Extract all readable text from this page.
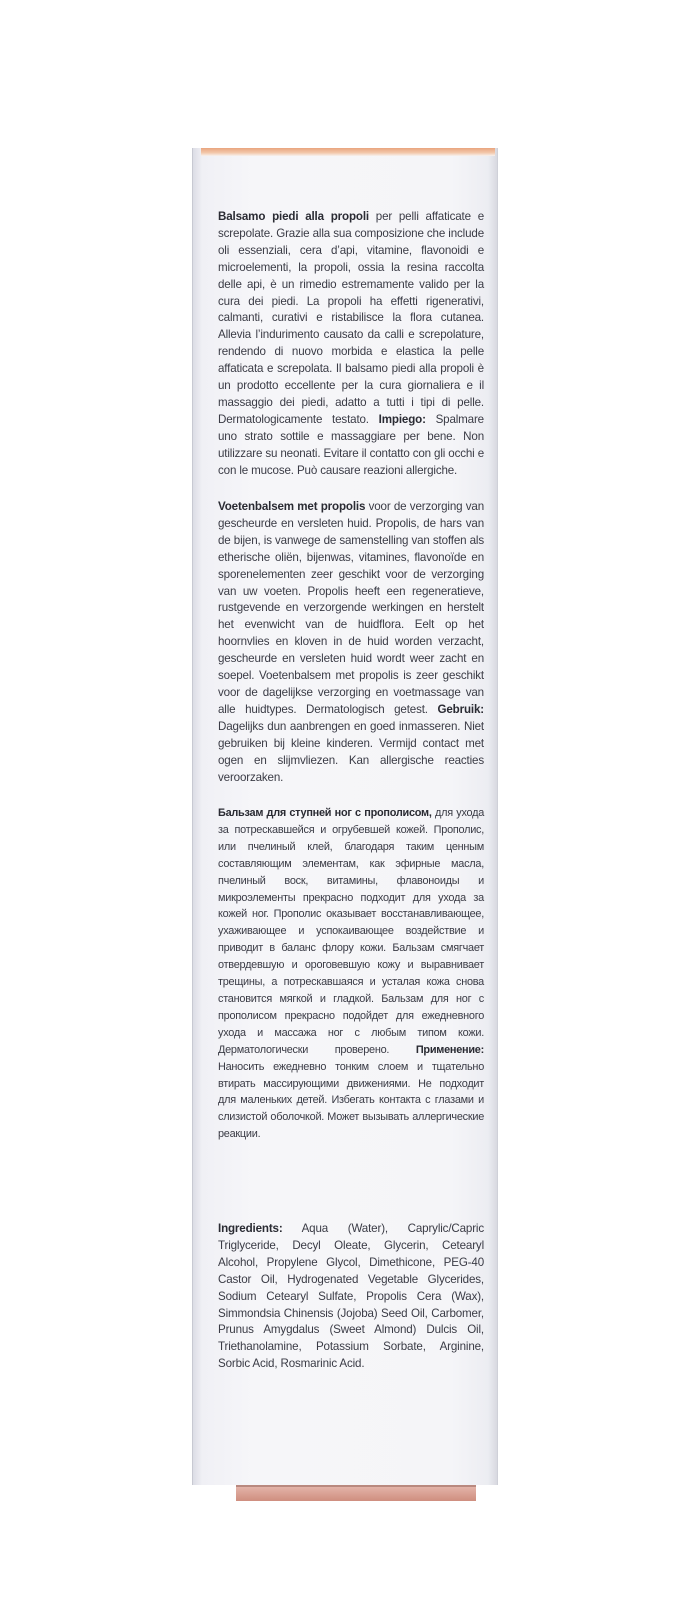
Balsamo piedi alla propoli per pelli affaticate e screpolate. Grazie alla sua composizione che include oli essenziali, cera d’api, vitamine, flavonoidi e microelementi, la propoli, ossia la resina raccolta delle api, è un rimedio estremamente valido per la cura dei piedi. La propoli ha effetti rigenerativi, calmanti, curativi e ristabilisce la flora cutanea. Allevia l’indurimento causato da calli e screpolature, rendendo di nuovo morbida e elastica la pelle affaticata e screpolata. Il balsamo piedi alla propoli è un prodotto eccellente per la cura giornaliera e il massaggio dei piedi, adatto a tutti i tipi di pelle. Dermatologicamente testato. Impiego: Spalmare uno strato sottile e massaggiare per bene. Non utilizzare su neonati. Evitare il contatto con gli occhi e con le mucose. Può causare reazioni allergiche.
Voetenbalsem met propolis voor de verzorging van gescheurde en versleten huid. Propolis, de hars van de bijen, is vanwege de samenstelling van stoffen als etherische oliën, bijenwas, vitamines, flavonoïde en sporenelementen zeer geschikt voor de verzorging van uw voeten. Propolis heeft een regeneratieve, rustgevende en verzorgende werkingen en herstelt het evenwicht van de huidflora. Eelt op het hoornvlies en kloven in de huid worden verzacht, gescheurde en versleten huid wordt weer zacht en soepel. Voetenbalsem met propolis is zeer geschikt voor de dagelijkse verzorging en voetmassage van alle huidtypes. Dermatologisch getest. Gebruik: Dagelijks dun aanbrengen en goed inmasseren. Niet gebruiken bij kleine kinderen. Vermijd contact met ogen en slijmvliezen. Kan allergische reacties veroorzaken.
Бальзам для ступней ног с прополисом, для ухода за потрескавшейся и огрубевшей кожей. Прополис, или пчелиный клей, благодаря таким ценным составляющим элементам, как эфирные масла, пчелиный воск, витамины, флавоноиды и микроэлементы прекрасно подходит для ухода за кожей ног. Прополис оказывает восстанавливающее, ухаживающее и успокаивающее воздействие и приводит в баланс флору кожи. Бальзам смягчает отвердевшую и ороговевшую кожу и выравнивает трещины, а потрескавшаяся и усталая кожа снова становится мягкой и гладкой. Бальзам для ног с прополисом прекрасно подойдет для ежедневного ухода и массажа ног с любым типом кожи. Дерматологически проверено. Применение: Наносить ежедневно тонким слоем и тщательно втирать массирующими движениями. Не подходит для маленьких детей. Избегать контакта с глазами и слизистой оболочкой. Может вызывать аллергические реакции.
Ingredients: Aqua (Water), Caprylic/Capric Triglyceride, Decyl Oleate, Glycerin, Cetearyl Alcohol, Propylene Glycol, Dimethicone, PEG-40 Castor Oil, Hydrogenated Vegetable Glycerides, Sodium Cetearyl Sulfate, Propolis Cera (Wax), Simmondsia Chinensis (Jojoba) Seed Oil, Carbomer, Prunus Amygdalus (Sweet Almond) Dulcis Oil, Triethanolamine, Potassium Sorbate, Arginine, Sorbic Acid, Rosmarinic Acid.
